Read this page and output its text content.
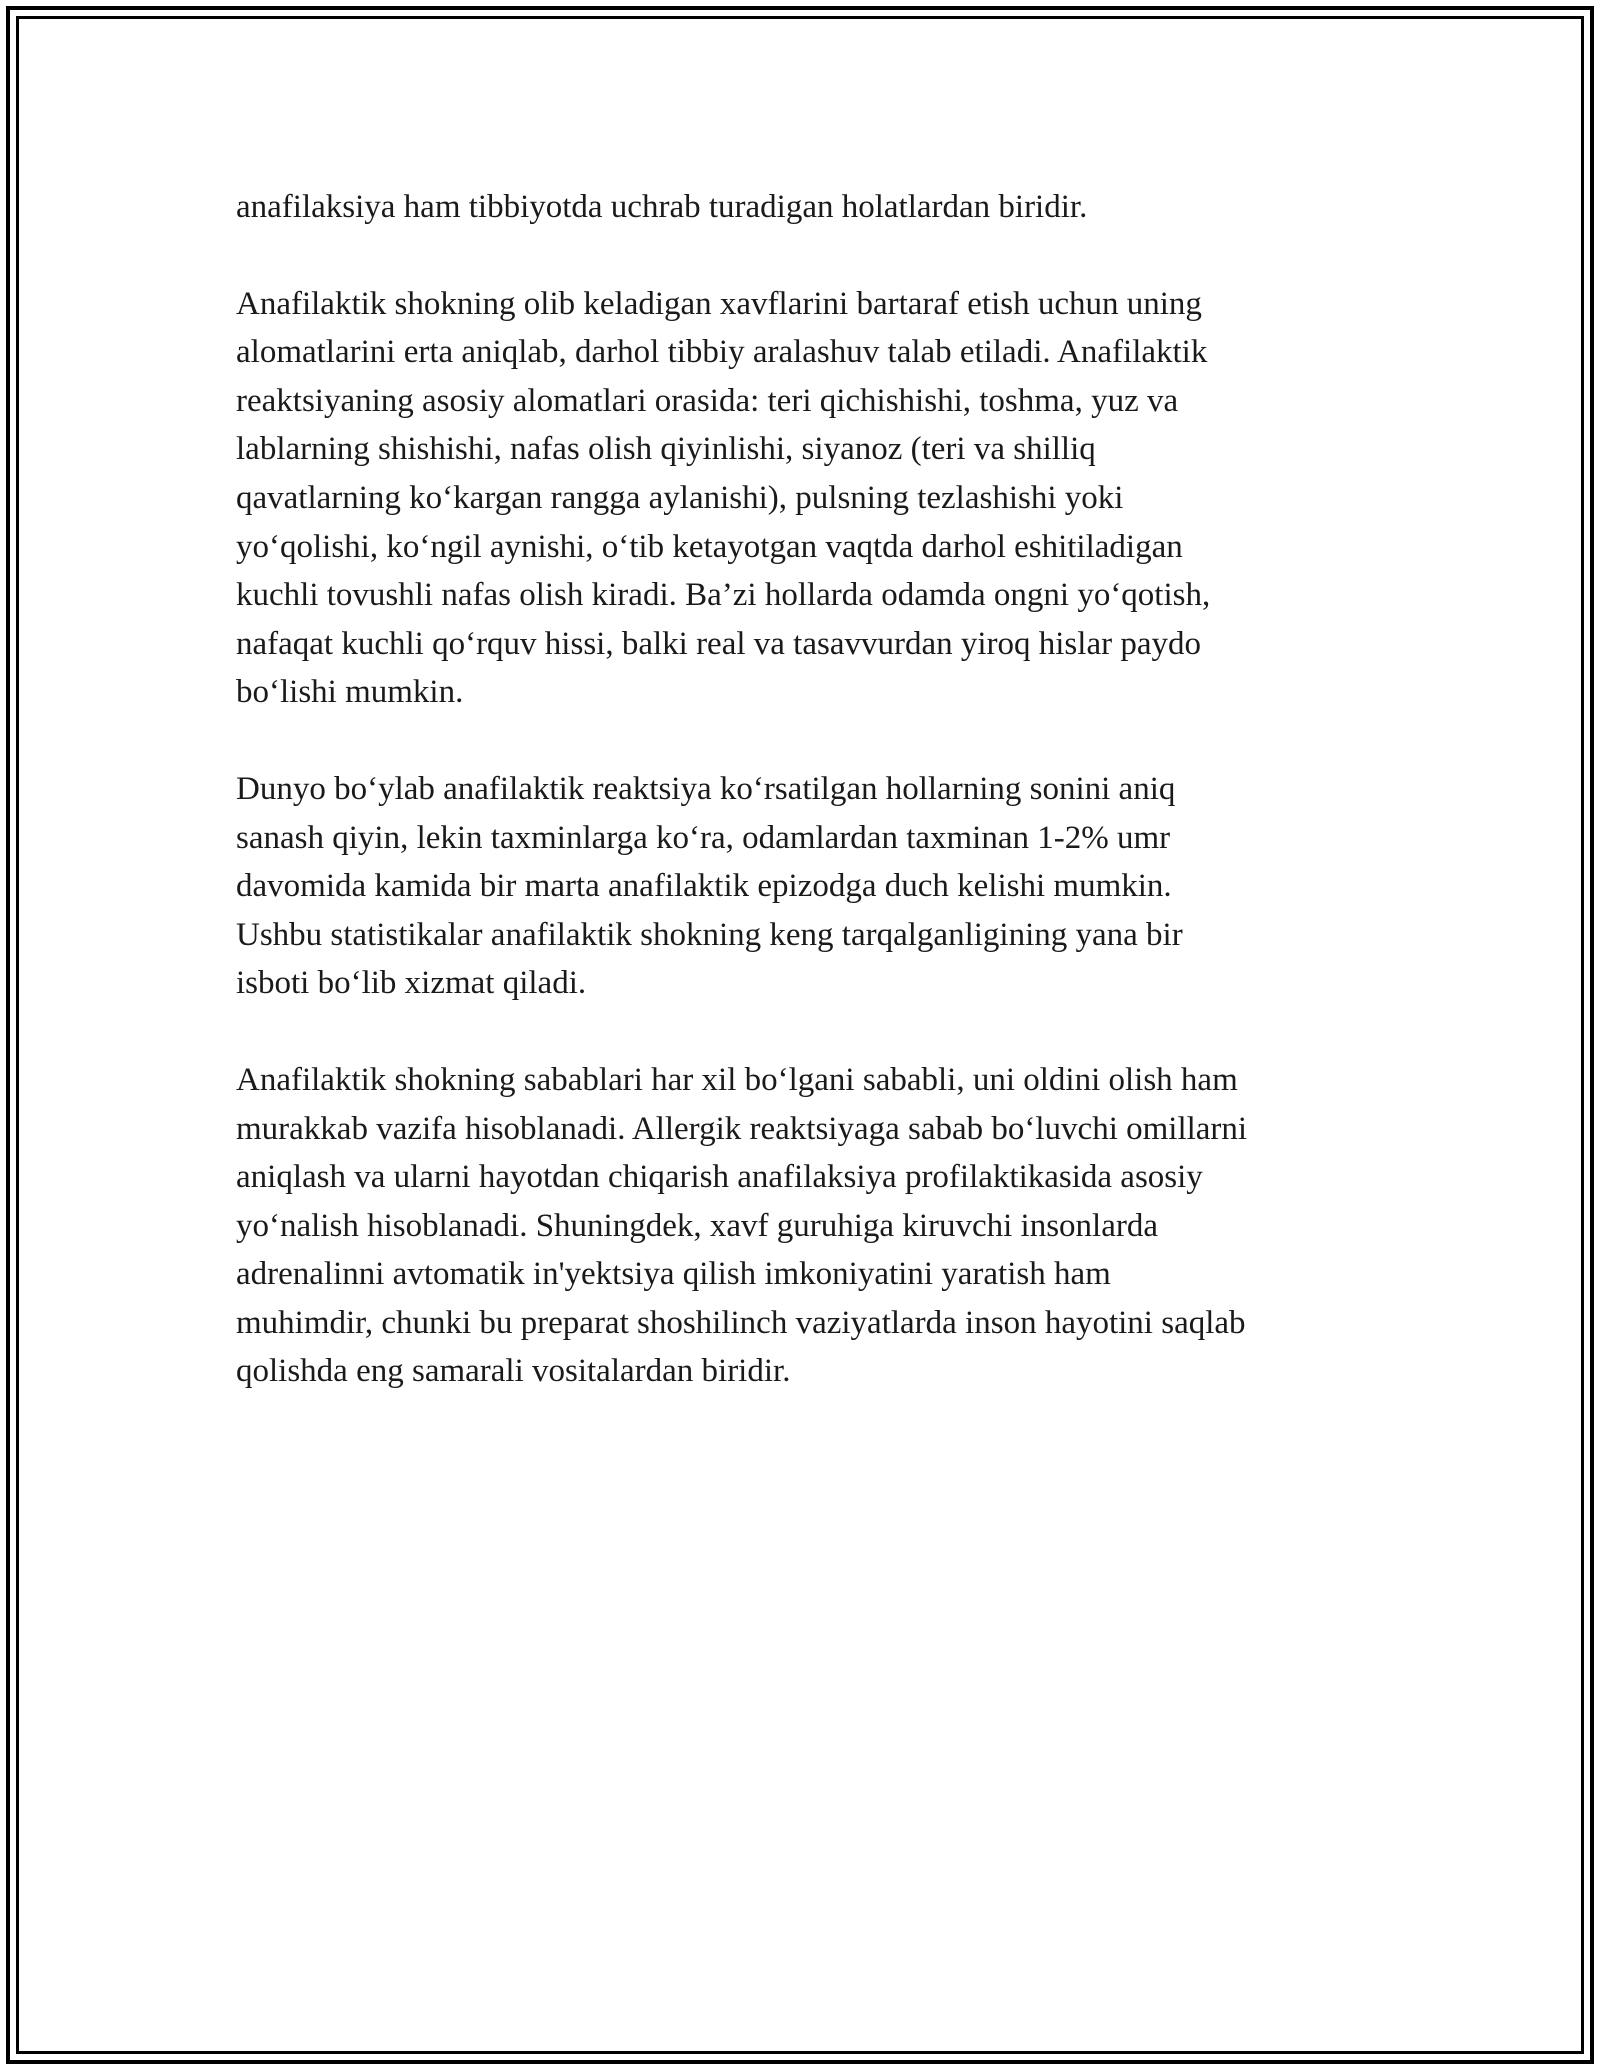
anafilaksiya ham tibbiyotda uchrab turadigan holatlardan biridir.

Anafilaktik shokning olib keladigan xavflarini bartaraf etish uchun uning
alomatlarini erta aniqlab, darhol tibbiy aralashuv talab etiladi. Anafilaktik
reaktsiyaning asosiy alomatlari orasida: teri qichishishi, toshma, yuz va
lablarning shishishi, nafas olish qiyinlishi, siyanoz (teri va shilliq
qavatlarning ko‘kargan rangga aylanishi), pulsning tezlashishi yoki
yo‘qolishi, ko‘ngil aynishi, o‘tib ketayotgan vaqtda darhol eshitiladigan
kuchli tovushli nafas olish kiradi. Ba’zi hollarda odamda ongni yo‘qotish,
nafaqat kuchli qo‘rquv hissi, balki real va tasavvurdan yiroq hislar paydo
bo‘lishi mumkin.

Dunyo bo‘ylab anafilaktik reaktsiya ko‘rsatilgan hollarning sonini aniq
sanash qiyin, lekin taxminlarga ko‘ra, odamlardan taxminan 1-2% umr
davomida kamida bir marta anafilaktik epizodga duch kelishi mumkin.
Ushbu statistikalar anafilaktik shokning keng tarqalganligining yana bir
isboti bo‘lib xizmat qiladi.

Anafilaktik shokning sabablari har xil bo‘lgani sababli, uni oldini olish ham
murakkab vazifa hisoblanadi. Allergik reaktsiyaga sabab bo‘luvchi omillarni
aniqlash va ularni hayotdan chiqarish anafilaksiya profilaktikasida asosiy
yo‘nalish hisoblanadi. Shuningdek, xavf guruhiga kiruvchi insonlarda
adrenalinni avtomatik in'yektsiya qilish imkoniyatini yaratish ham
muhimdir, chunki bu preparat shoshilinch vaziyatlarda inson hayotini saqlab
qolishda eng samarali vositalardan biridir.
